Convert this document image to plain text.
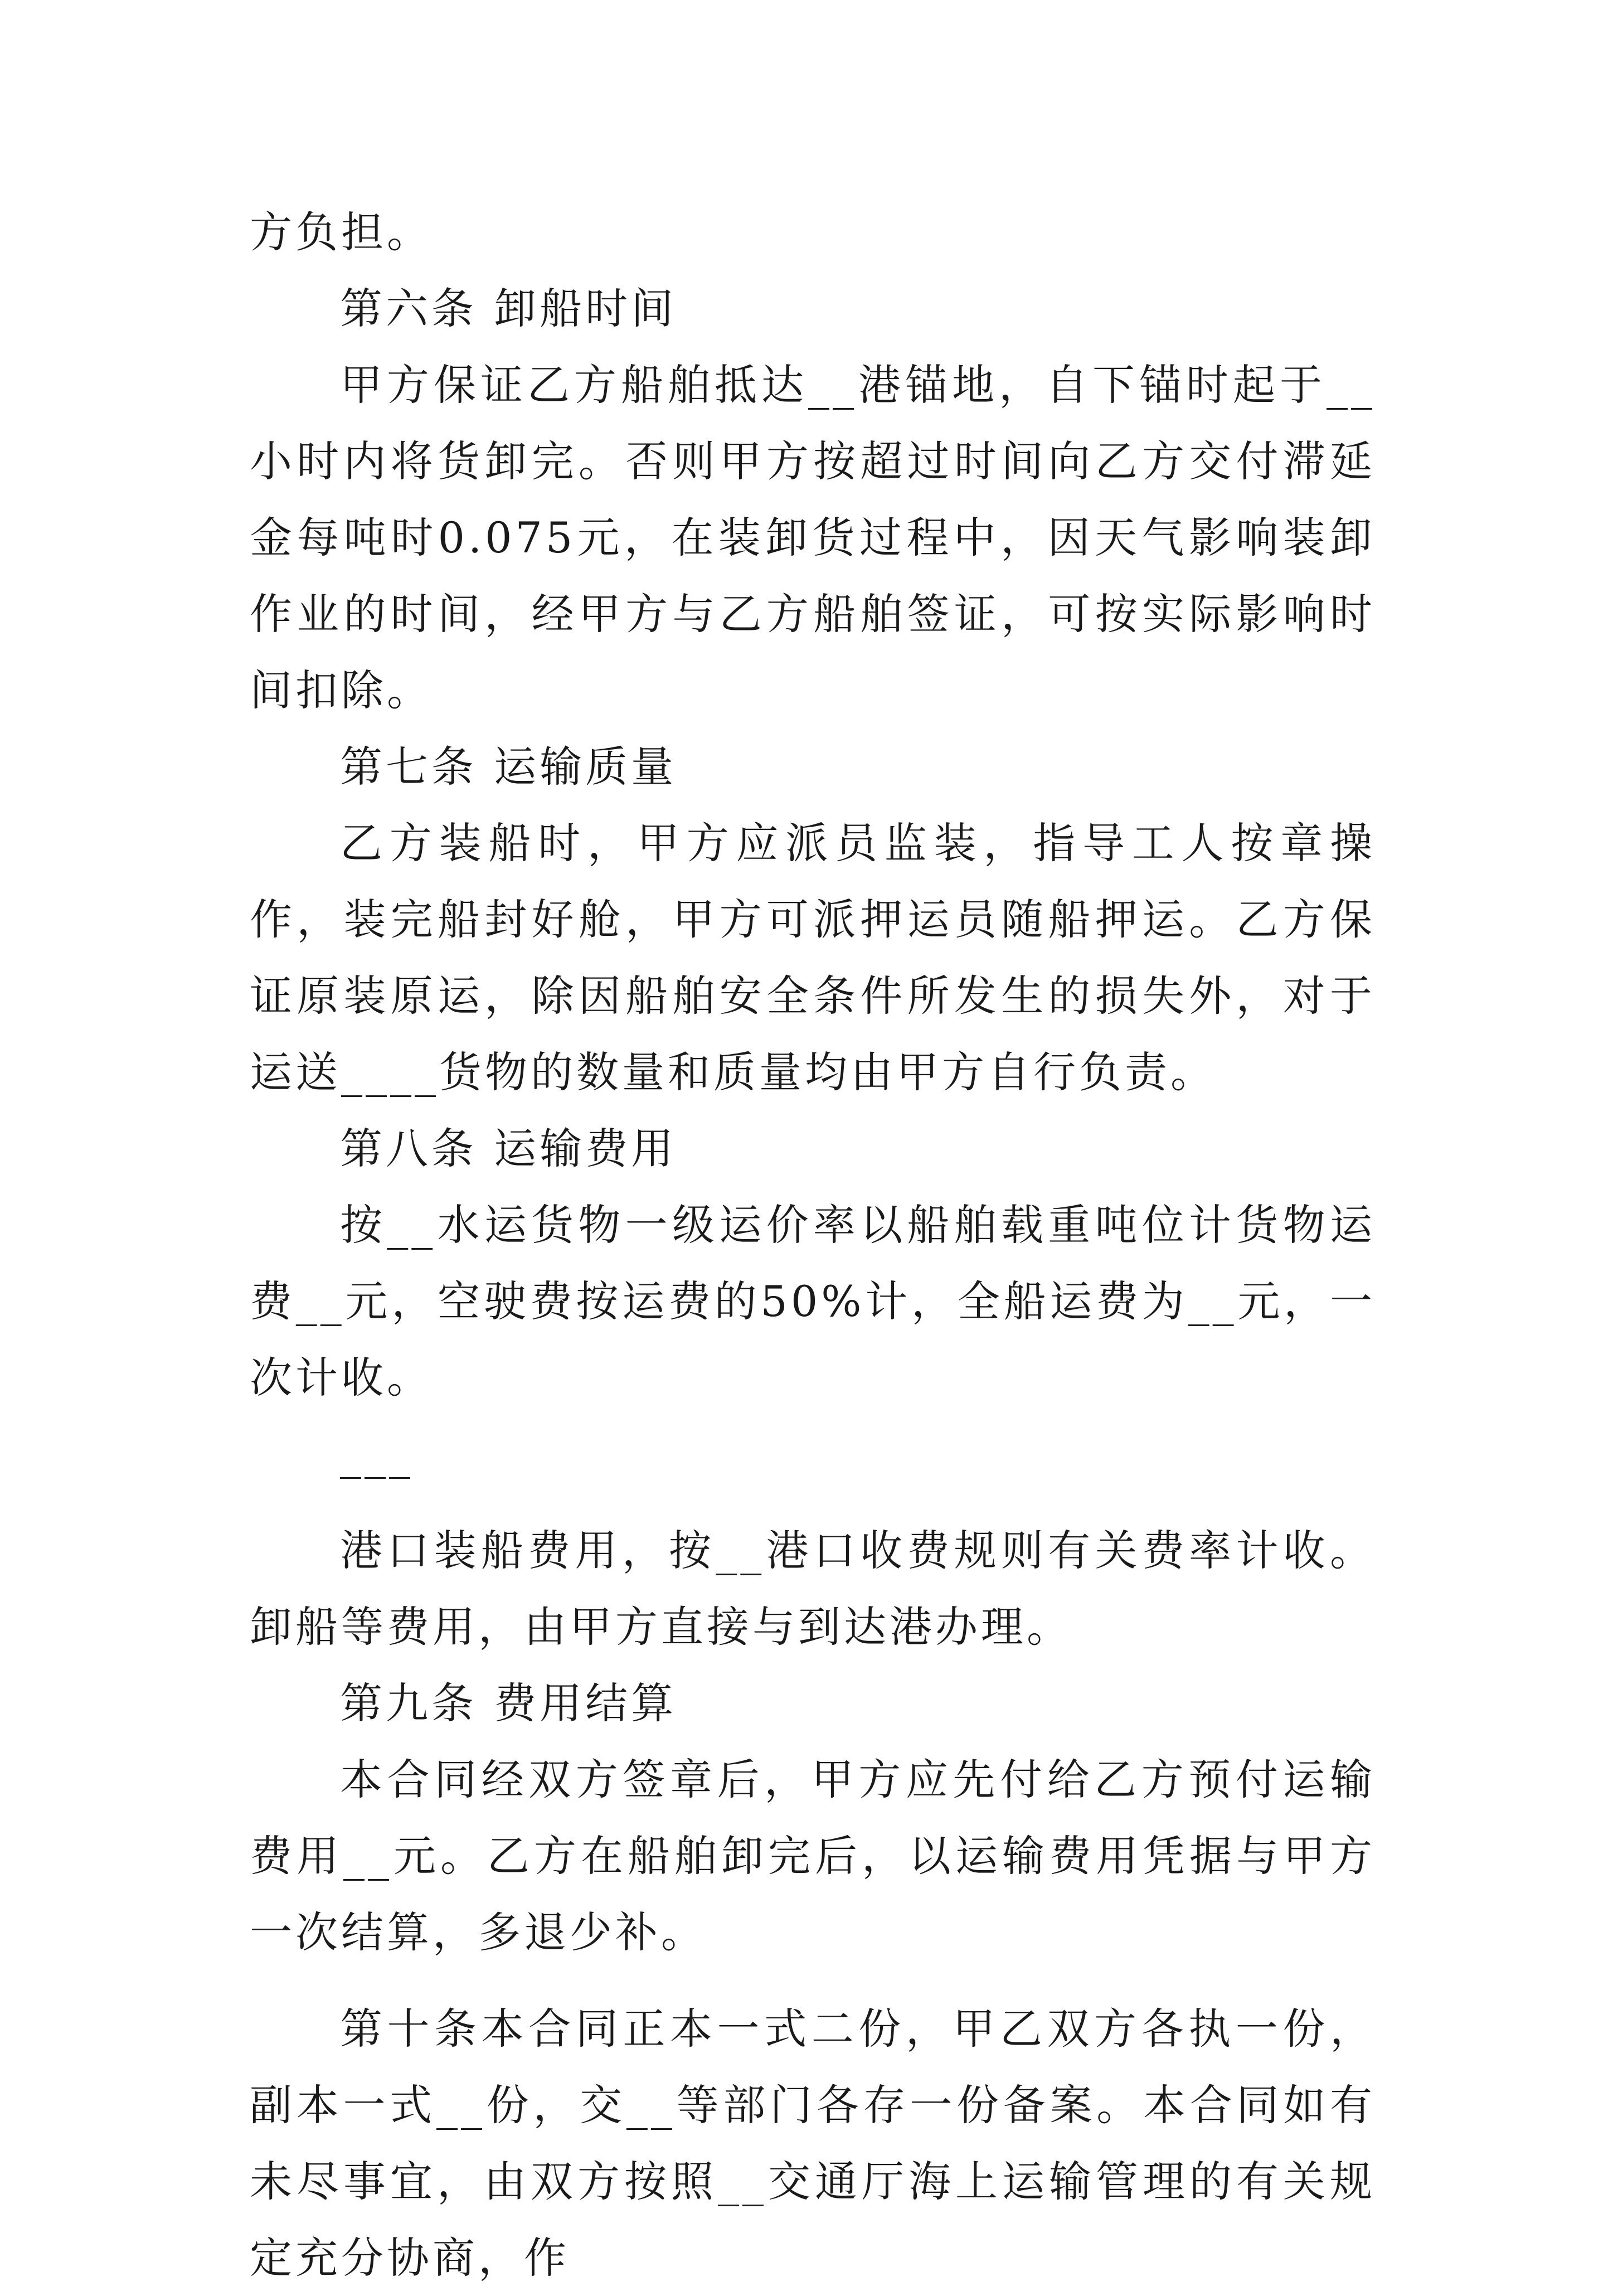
方负担。

第六条 卸船时间

甲方保证乙方船舶抵达__港锚地，自下锚时起于__小时内将货卸完。否则甲方按超过时间向乙方交付滞延金每吨时0.075元，在装卸货过程中，因天气影响装卸作业的时间，经甲方与乙方船舶签证，可按实际影响时间扣除。

第七条 运输质量

乙方装船时，甲方应派员监装，指导工人按章操作，装完船封好舱，甲方可派押运员随船押运。乙方保证原装原运，除因船舶安全条件所发生的损失外，对于运送____货物的数量和质量均由甲方自行负责。

第八条 运输费用

按__水运货物一级运价率以船舶载重吨位计货物运费__元，空驶费按运费的50%计，全船运费为__元，一次计收。

___

港口装船费用，按__港口收费规则有关费率计收。卸船等费用，由甲方直接与到达港办理。

第九条 费用结算

本合同经双方签章后，甲方应先付给乙方预付运输费用__元。乙方在船舶卸完后，以运输费用凭据与甲方一次结算，多退少补。

第十条本合同正本一式二份，甲乙双方各执一份，副本一式__份，交__等部门各存一份备案。本合同如有未尽事宜，由双方按照__交通厅海上运输管理的有关规定充分协商，作
